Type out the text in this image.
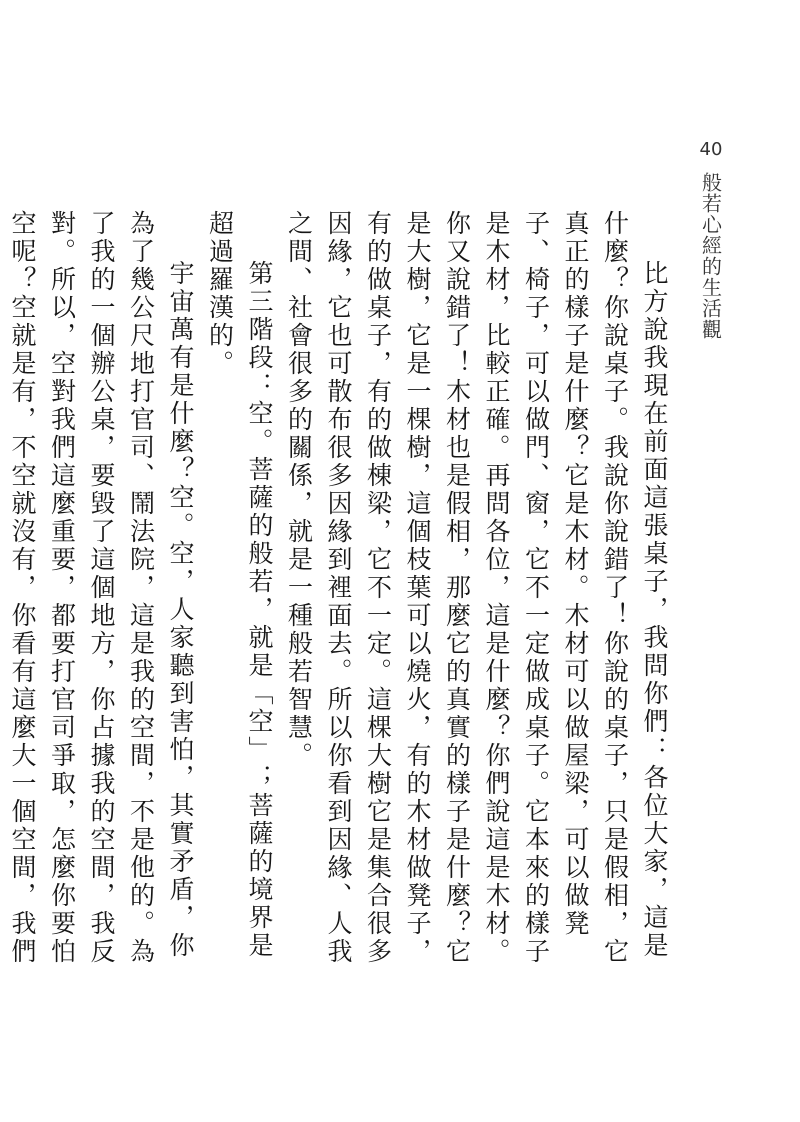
40
般若心經的生活觀

比方說我現在前面這張桌子，我問你們：各位大家，這是什麼？你說桌子。我說你說錯了！你說的桌子，只是假相，它真正的樣子是什麼？它是木材。木材可以做屋梁，可以做凳子、椅子，可以做門、窗，它不一定做成桌子。它本來的樣子是木材，比較正確。再問各位，這是什麼？你們說這是木材。你又說錯了！木材也是假相，那麼它的真實的樣子是什麼？它是大樹，它是一棵樹，這個枝葉可以燒火，有的木材做凳子，有的做桌子，有的做棟梁，它不一定。這棵大樹它是集合很多因緣，它也可散布很多因緣到裡面去。所以你看到因緣、人我之間、社會很多的關係，就是一種般若智慧。

第三階段：空。菩薩的般若，就是「空」；菩薩的境界是超過羅漢的。

宇宙萬有是什麼？空。空，人家聽到害怕，其實矛盾，你為了幾公尺地打官司、鬧法院，這是我的空間，不是他的。為了我的一個辦公桌，要毀了這個地方，你占據我的空間，我反對。所以，空對我們這麼重要，都要打官司爭取，怎麼你要怕空呢？空就是有，不空就沒有，你看有這麼大一個空間，我們
